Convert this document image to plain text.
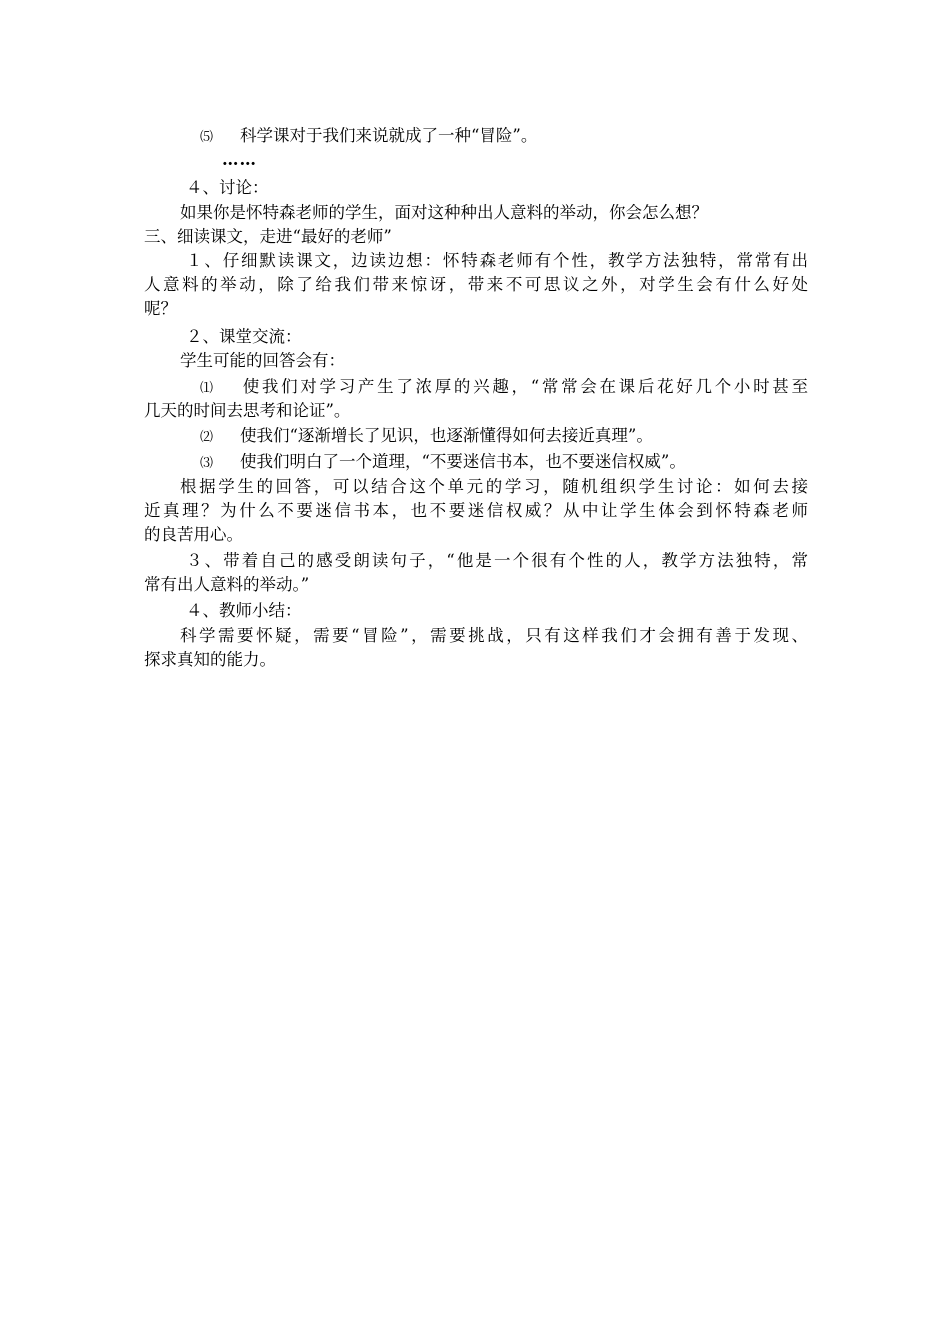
⑸ 科学课对于我们来说就成了一种“冒险”。
……
４、讨论：
如果你是怀特森老师的学生，面对这种种出人意料的举动，你会怎么想？
三、细读课文，走进“最好的老师”
１、仔细默读课文，边读边想：怀特森老师有个性，教学方法独特，常常有出
人意料的举动，除了给我们带来惊讶，带来不可思议之外，对学生会有什么好处
呢？
２、课堂交流：
学生可能的回答会有：
⑴ 使我们对学习产生了浓厚的兴趣，“常常会在课后花好几个小时甚至
几天的时间去思考和论证”。
⑵ 使我们“逐渐增长了见识，也逐渐懂得如何去接近真理”。
⑶ 使我们明白了一个道理，“不要迷信书本，也不要迷信权威”。
根据学生的回答，可以结合这个单元的学习，随机组织学生讨论：如何去接
近真理？为什么不要迷信书本，也不要迷信权威？从中让学生体会到怀特森老师
的良苦用心。
３、带着自己的感受朗读句子，“他是一个很有个性的人，教学方法独特，常
常有出人意料的举动。”
４、教师小结：
科学需要怀疑，需要“冒险”，需要挑战，只有这样我们才会拥有善于发现、
探求真知的能力。
